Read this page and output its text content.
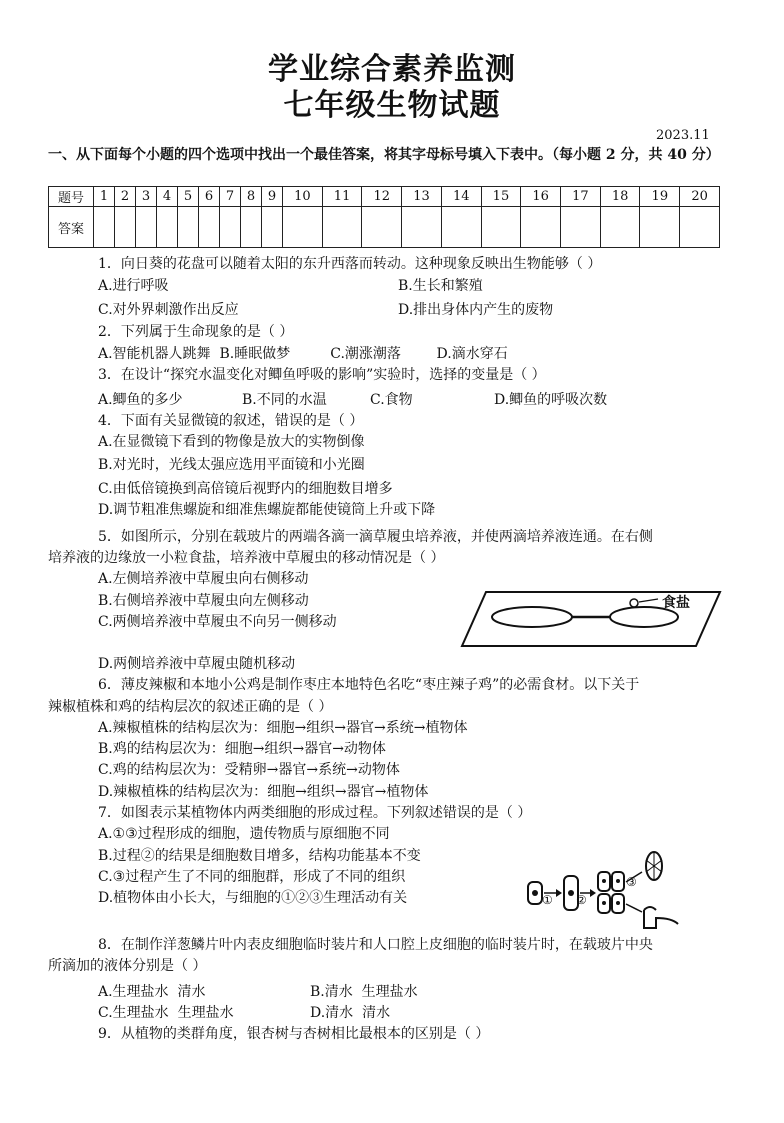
学业综合素养监测
七年级生物试题
2023.11
一、从下面每个小题的四个选项中找出一个最佳答案，将其字母标号填入下表中。（每小题 2 分，共 40 分）
题号	1	2	3	4	5	6	7	8	9	10	11	12	13	14	15	16	17	18	19	20
答案																				
1．向日葵的花盘可以随着太阳的东升西落而转动。这种现象反映出生物能够（ ）
A.进行呼吸	B.生长和繁殖
C.对外界刺激作出反应	D.排出身体内产生的废物
2．下列属于生命现象的是（ ）
A.智能机器人跳舞  B.睡眠做梦         C.潮涨潮落        D.滴水穿石
3．在设计“探究水温变化对鲫鱼呼吸的影响”实验时，选择的变量是（ ）
A.鲫鱼的多少	B.不同的水温	C.食物	D.鲫鱼的呼吸次数
4．下面有关显微镜的叙述，错误的是（ ）
A.在显微镜下看到的物像是放大的实物倒像
B.对光时，光线太强应选用平面镜和小光圈
C.由低倍镜换到高倍镜后视野内的细胞数目增多
D.调节粗准焦螺旋和细准焦螺旋都能使镜筒上升或下降
5．如图所示，分别在载玻片的两端各滴一滴草履虫培养液，并使两滴培养液连通。在右侧
培养液的边缘放一小粒食盐，培养液中草履虫的移动情况是（ ）
A.左侧培养液中草履虫向右侧移动
B.右侧培养液中草履虫向左侧移动
C.两侧培养液中草履虫不向另一侧移动
D.两侧培养液中草履虫随机移动
食盐
6．薄皮辣椒和本地小公鸡是制作枣庄本地特色名吃“枣庄辣子鸡”的必需食材。以下关于
辣椒植株和鸡的结构层次的叙述正确的是（ ）
A.辣椒植株的结构层次为：细胞→组织→器官→系统→植物体
B.鸡的结构层次为：细胞→组织→器官→动物体
C.鸡的结构层次为：受精卵→器官→系统→动物体
D.辣椒植株的结构层次为：细胞→组织→器官→植物体
7．如图表示某植物体内两类细胞的形成过程。下列叙述错误的是（ ）
A.①③过程形成的细胞，遗传物质与原细胞不同
B.过程②的结果是细胞数目增多，结构功能基本不变
C.③过程产生了不同的细胞群，形成了不同的组织
D.植物体由小长大，与细胞的①②③生理活动有关	① ②
③
8．在制作洋葱鳞片叶内表皮细胞临时装片和人口腔上皮细胞的临时装片时，在载玻片中央
所滴加的液体分别是（ ）
A.生理盐水  清水	B.清水  生理盐水
C.生理盐水  生理盐水	D.清水  清水
9．从植物的类群角度，银杏树与杏树相比最根本的区别是（ ）
